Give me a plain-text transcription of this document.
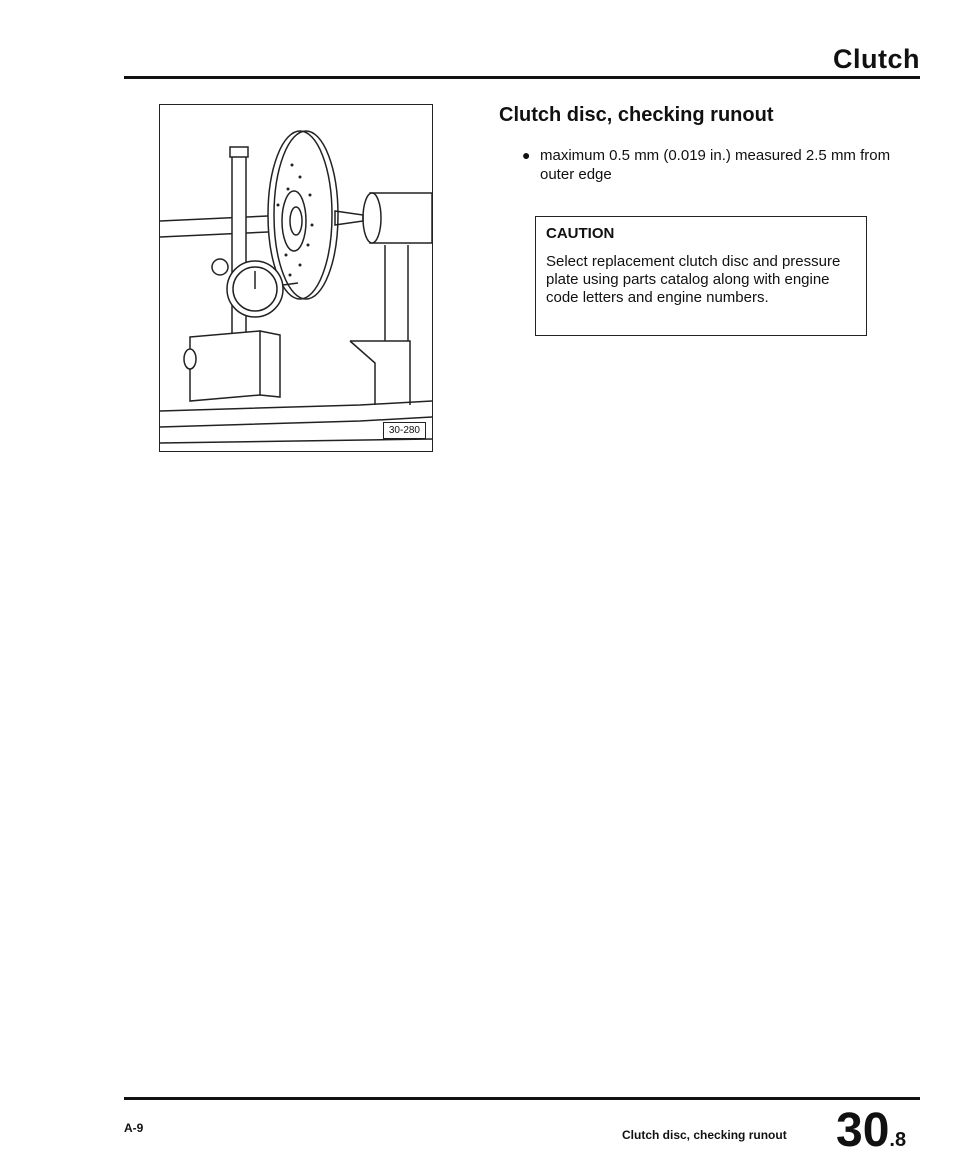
Clutch
30-280
Clutch disc, checking runout
● maximum 0.5 mm (0.019 in.) measured 2.5 mm from outer edge
CAUTION
Select replacement clutch disc and pressure plate using parts catalog along with engine code letters and engine numbers.
A-9	Clutch disc, checking runout 30.8
